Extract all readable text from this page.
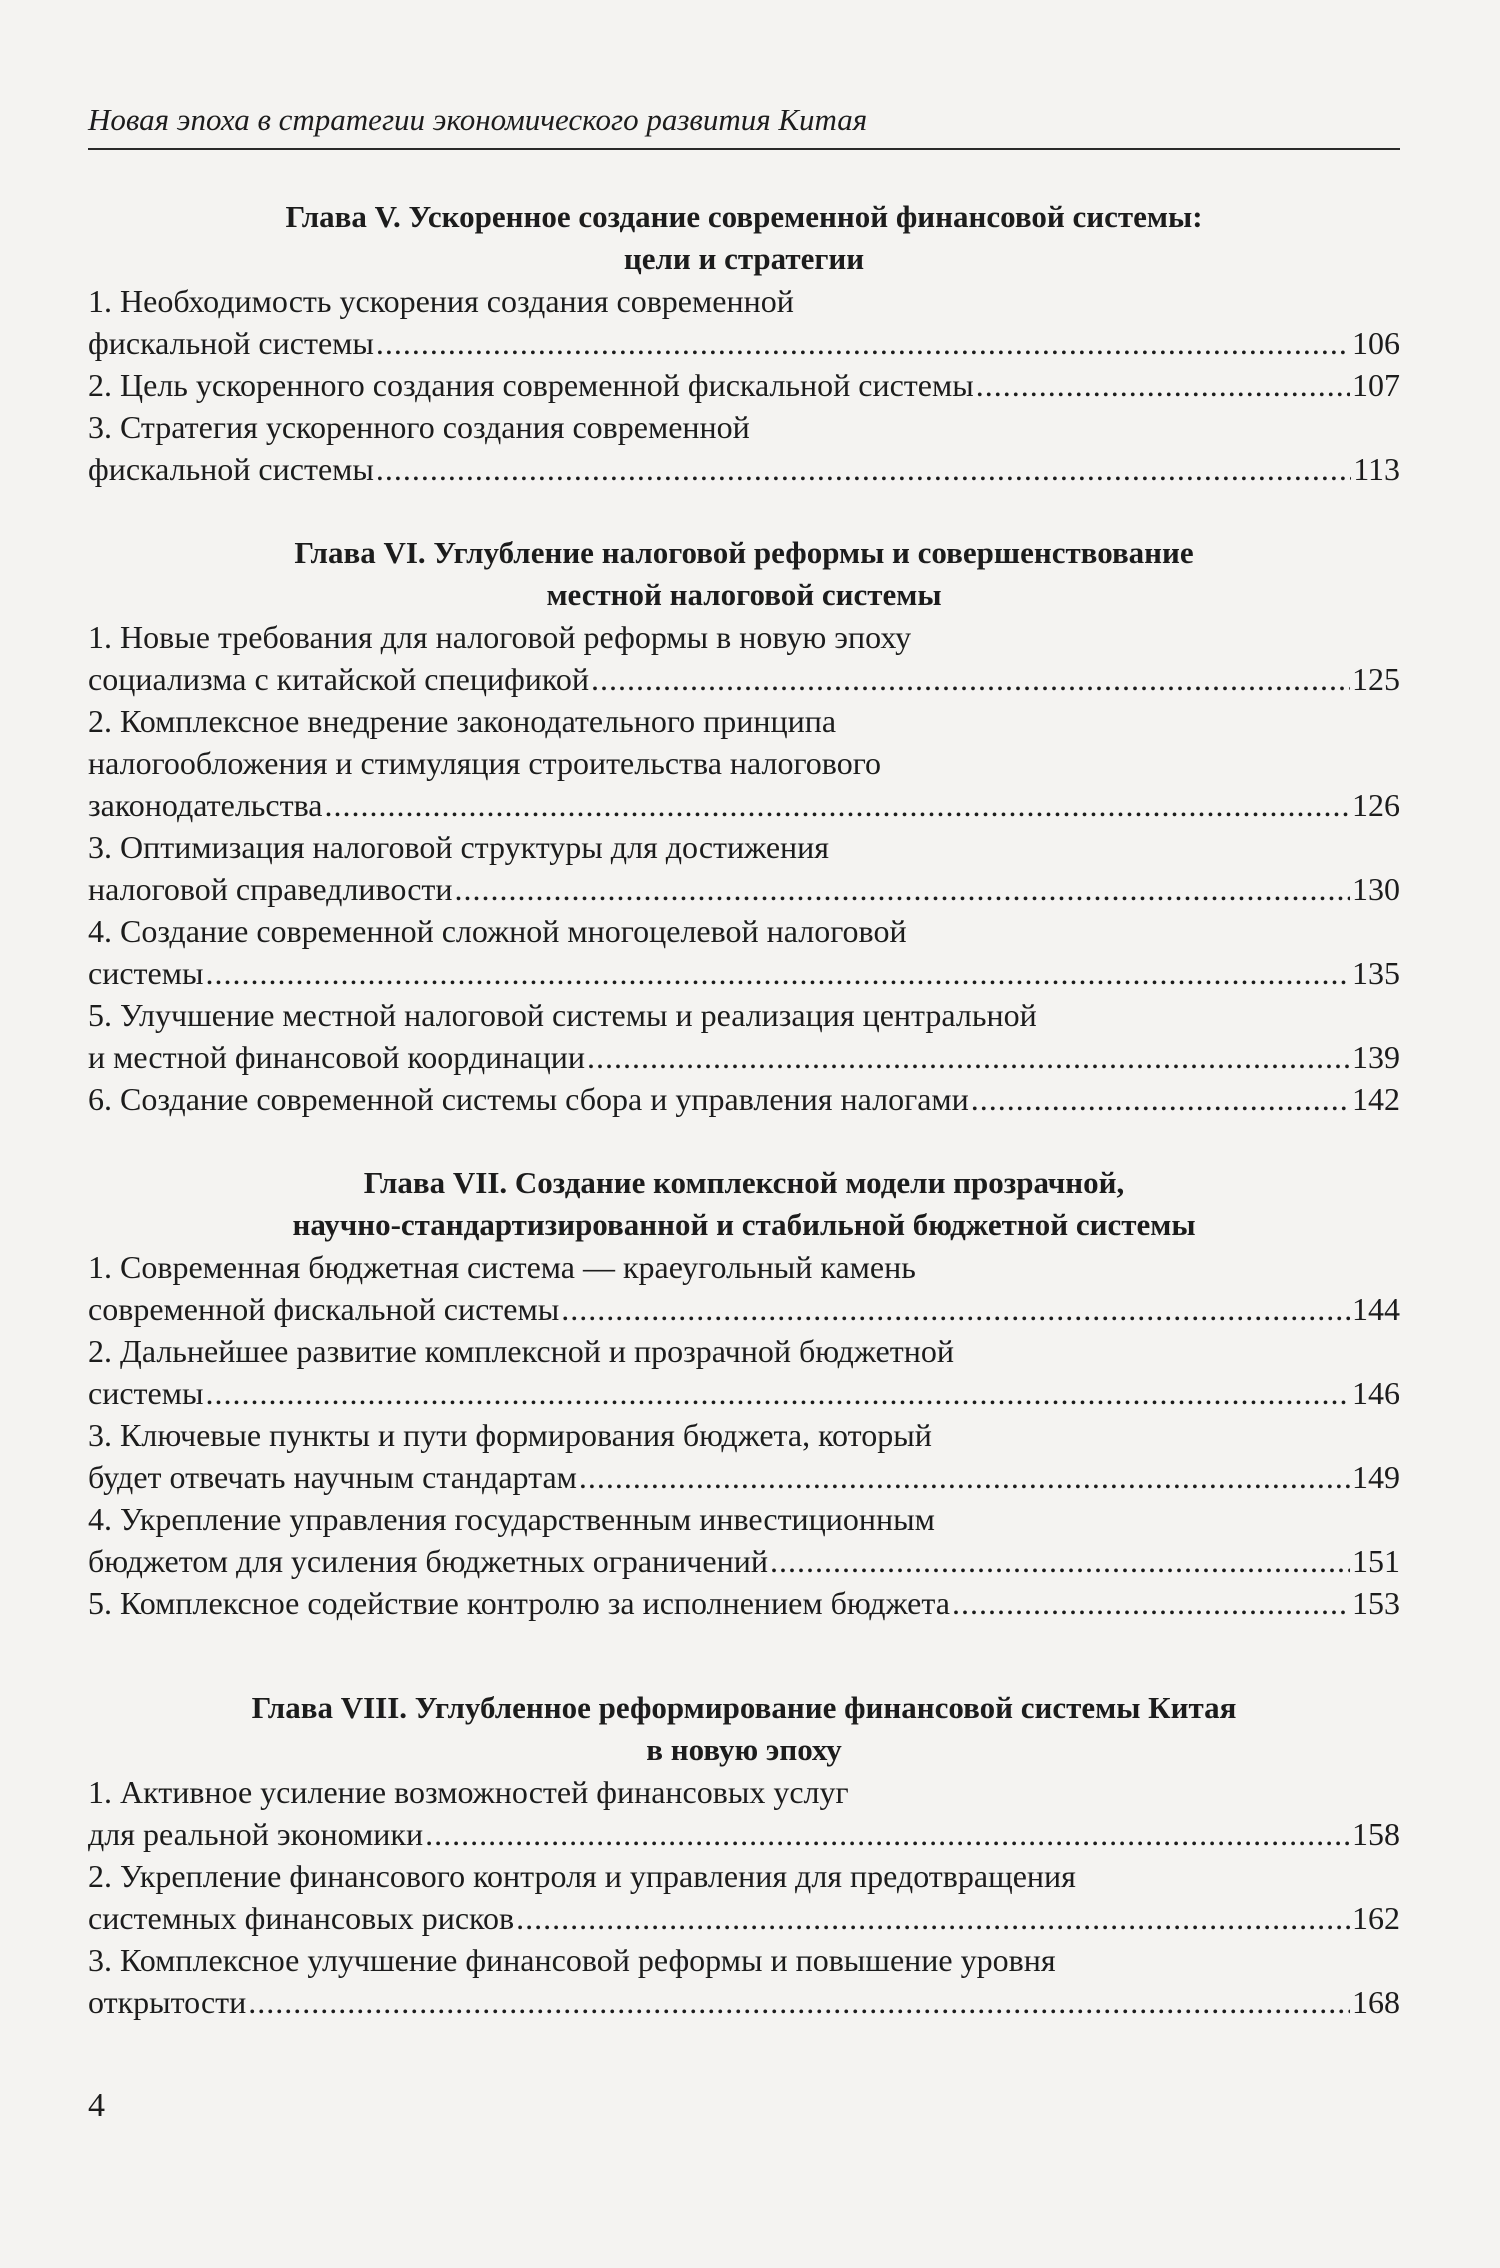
Новая эпоха в стратегии экономического развития Китая
Глава V. Ускоренное создание современной финансовой системы:
цели и стратегии
1. Необходимость ускорения создания современной
фискальной системы .....	106
2. Цель ускоренного создания современной фискальной системы .....	107
3. Стратегия ускоренного создания современной
фискальной системы .....	113
Глава VI. Углубление налоговой реформы и совершенствование
местной налоговой системы
1. Новые требования для налоговой реформы в новую эпоху
социализма с китайской спецификой .....	125
2. Комплексное внедрение законодательного принципа
налогообложения и стимуляция строительства налогового
законодательства .....	126
3. Оптимизация налоговой структуры для достижения
налоговой справедливости .....	130
4. Создание современной сложной многоцелевой налоговой
системы .....	135
5. Улучшение местной налоговой системы и реализация центральной
и местной финансовой координации .....	139
6. Создание современной системы сбора и управления налогами .....	142
Глава VII. Создание комплексной модели прозрачной,
научно-стандартизированной и стабильной бюджетной системы
1. Современная бюджетная система — краеугольный камень
современной фискальной системы .....	144
2. Дальнейшее развитие комплексной и прозрачной бюджетной
системы .....	146
3. Ключевые пункты и пути формирования бюджета, который
будет отвечать научным стандартам .....	149
4. Укрепление управления государственным инвестиционным
бюджетом для усиления бюджетных ограничений .....	151
5. Комплексное содействие контролю за исполнением бюджета .....	153
Глава VIII. Углубленное реформирование финансовой системы Китая
в новую эпоху
1. Активное усиление возможностей финансовых услуг
для реальной экономики .....	158
2. Укрепление финансового контроля и управления для предотвращения
системных финансовых рисков .....	162
3. Комплексное улучшение финансовой реформы и повышение уровня
открытости .....	168
4
